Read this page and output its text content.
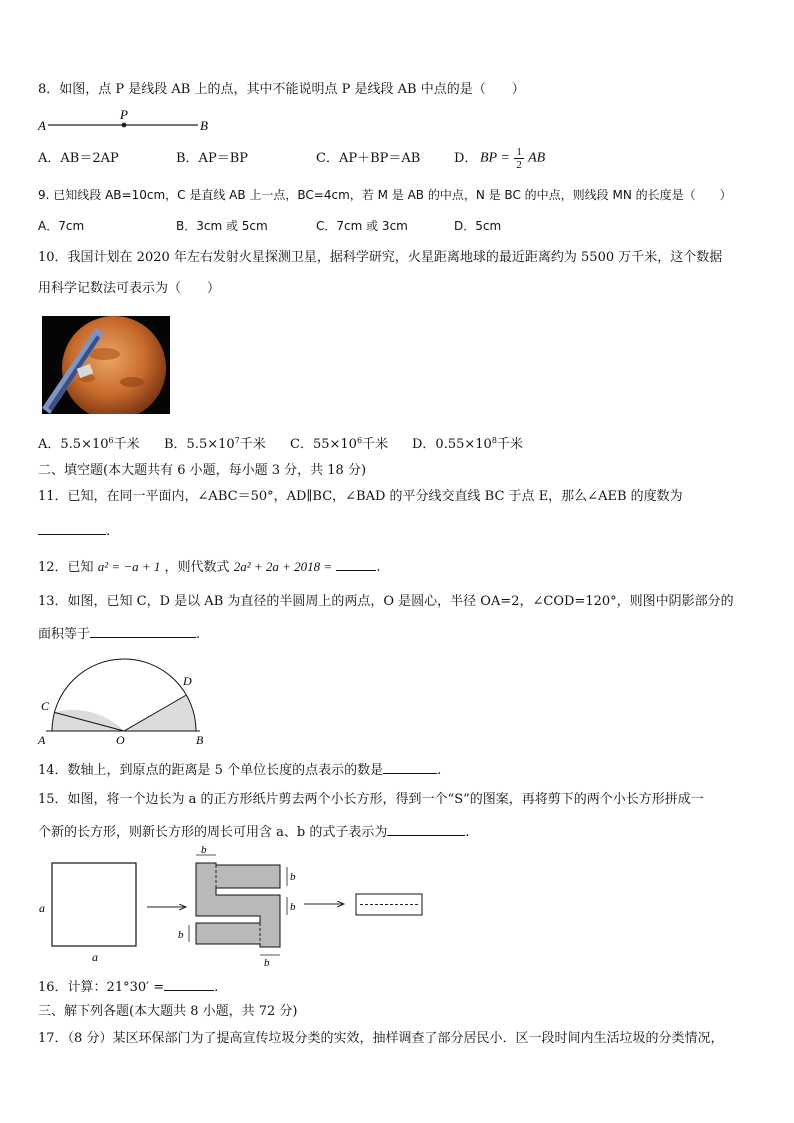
8．如图，点 P 是线段 AB 上的点，其中不能说明点 P 是线段 AB 中点的是（　　）
A
P
B
A．AB＝2AP	B．AP＝BP	C．AP＋BP＝AB	D． BP = $\frac{1}{2}$ AB
9. 已知线段 AB=10cm，C 是直线 AB 上一点，BC=4cm，若 M 是 AB 的中点，N 是 BC 的中点，则线段 MN 的长度是（　　）
A．7cm	B．3cm 或 5cm	C．7cm 或 3cm	D．5cm
10．我国计划在 2020 年左右发射火星探测卫星，据科学研究，火星距离地球的最近距离约为 5500 万千米，这个数据
用科学记数法可表示为（　　）
A．$5.5\times 10^6$千米	B．$5.5\times 10^7$千米	C．$55\times 10^6$千米	D．$0.55\times 10^8$千米
二、填空题(本大题共有 6 小题，每小题 3 分，共 18 分)
11．已知，在同一平面内，∠ABC＝50°，AD∥BC，∠BAD 的平分线交直线 BC 于点 E，那么∠AEB 的度数为
.
12．已知 a² = −a + 1 ，则代数式 2a² + 2a + 2018 =	.
13．如图，已知 C，D 是以 AB 为直径的半圆周上的两点，O 是圆心，半径 OA=2，∠COD=120°，则图中阴影部分的
面积等于	.
A	O	B
C
D
14．数轴上，到原点的距离是 5 个单位长度的点表示的数是	.
15．如图，将一个边长为 a 的正方形纸片剪去两个小长方形，得到一个“S”的图案，再将剪下的两个小长方形拼成一
个新的长方形，则新长方形的周长可用含 a、b 的式子表示为	.
a
a
b
b
b
b
b
16．计算：21°30′ =	.
三、解下列各题(本大题共 8 小题，共 72 分)
17．（8 分）某区环保部门为了提高宣传垃圾分类的实效，抽样调查了部分居民小．区一段时间内生活垃圾的分类情况，
